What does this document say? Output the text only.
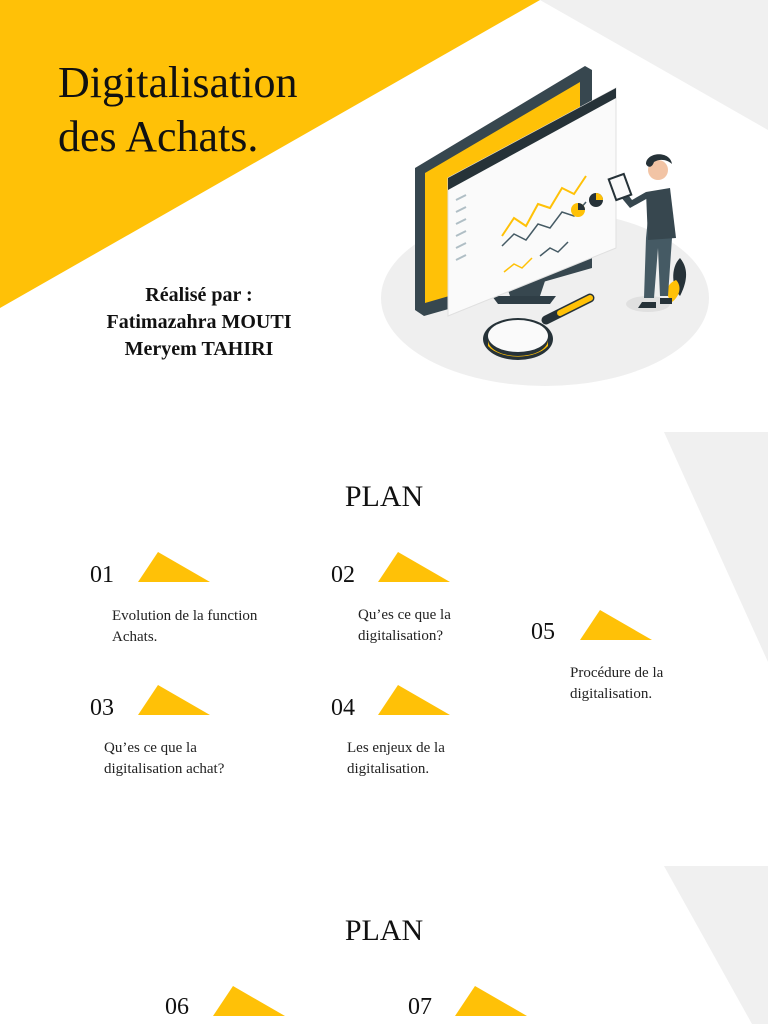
Digitalisation
des Achats.
Réalisé par :
Fatimazahra MOUTI
Meryem TAHIRI
PLAN
01
Evolution de la function
Achats.
02
Qu’es ce que la
digitalisation?	05
Procédure de la
digitalisation.
03
Qu’es ce que la
digitalisation achat?
04
Les enjeux de la
digitalisation.
PLAN
06	07
